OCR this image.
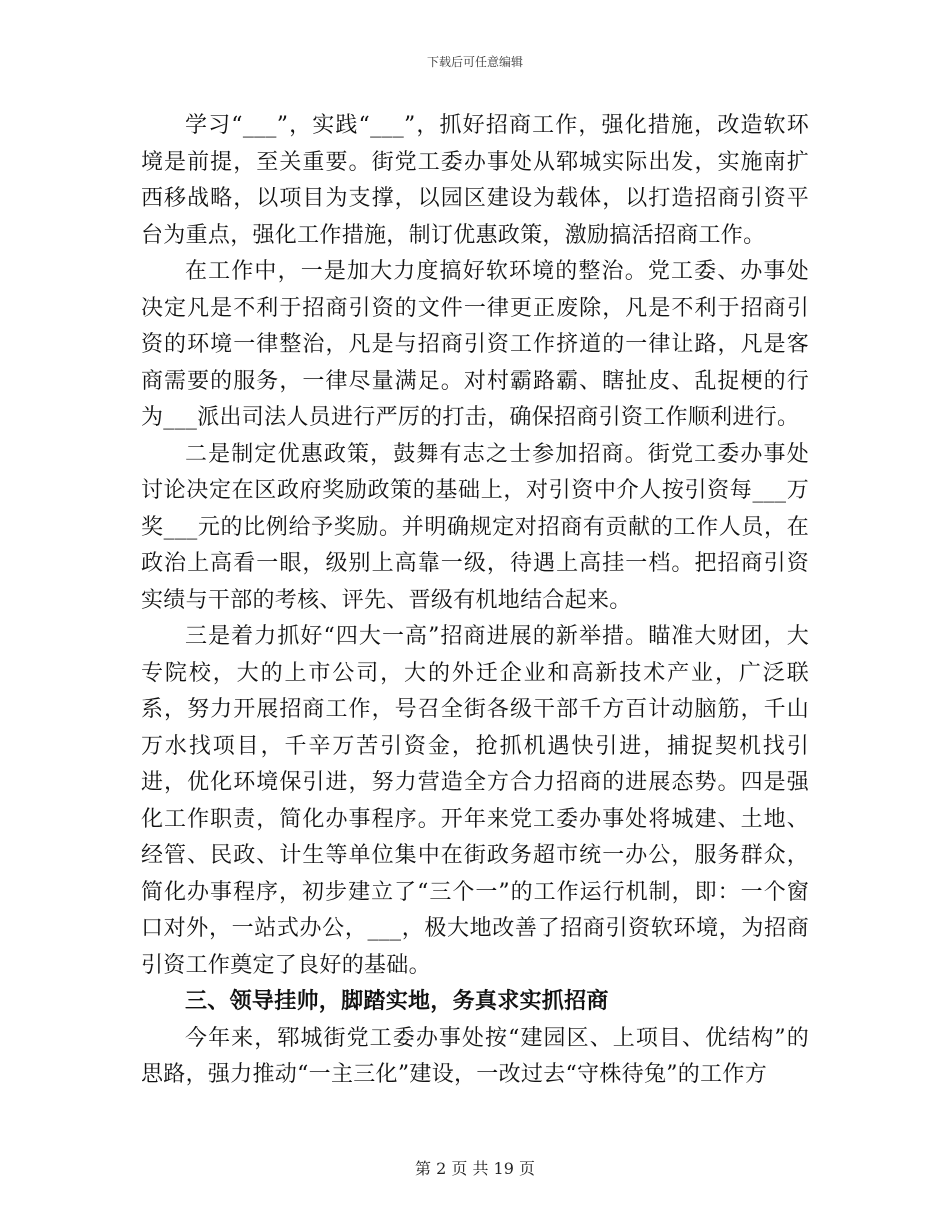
下载后可任意编辑

学习“___”，实践“___”，抓好招商工作，强化措施，改造软环境是前提，至关重要。街党工委办事处从郓城实际出发，实施南扩西移战略，以项目为支撑，以园区建设为载体，以打造招商引资平台为重点，强化工作措施，制订优惠政策，激励搞活招商工作。

在工作中，一是加大力度搞好软环境的整治。党工委、办事处决定凡是不利于招商引资的文件一律更正废除，凡是不利于招商引资的环境一律整治，凡是与招商引资工作挤道的一律让路，凡是客商需要的服务，一律尽量满足。对村霸路霸、瞎扯皮、乱捉梗的行为___派出司法人员进行严厉的打击，确保招商引资工作顺利进行。

二是制定优惠政策，鼓舞有志之士参加招商。街党工委办事处讨论决定在区政府奖励政策的基础上，对引资中介人按引资每___万奖___元的比例给予奖励。并明确规定对招商有贡献的工作人员，在政治上高看一眼，级别上高靠一级，待遇上高挂一档。把招商引资实绩与干部的考核、评先、晋级有机地结合起来。

三是着力抓好“四大一高”招商进展的新举措。瞄准大财团，大专院校，大的上市公司，大的外迁企业和高新技术产业，广泛联系，努力开展招商工作，号召全街各级干部千方百计动脑筋，千山万水找项目，千辛万苦引资金，抢抓机遇快引进，捕捉契机找引进，优化环境保引进，努力营造全方合力招商的进展态势。四是强化工作职责，简化办事程序。开年来党工委办事处将城建、土地、经管、民政、计生等单位集中在街政务超市统一办公，服务群众，简化办事程序，初步建立了“三个一”的工作运行机制，即：一个窗口对外，一站式办公，___，极大地改善了招商引资软环境，为招商引资工作奠定了良好的基础。

三、领导挂帅，脚踏实地，务真求实抓招商

今年来，郓城街党工委办事处按“建园区、上项目、优结构”的思路，强力推动“一主三化”建设，一改过去“守株待兔”的工作方

第 2 页 共 19 页
